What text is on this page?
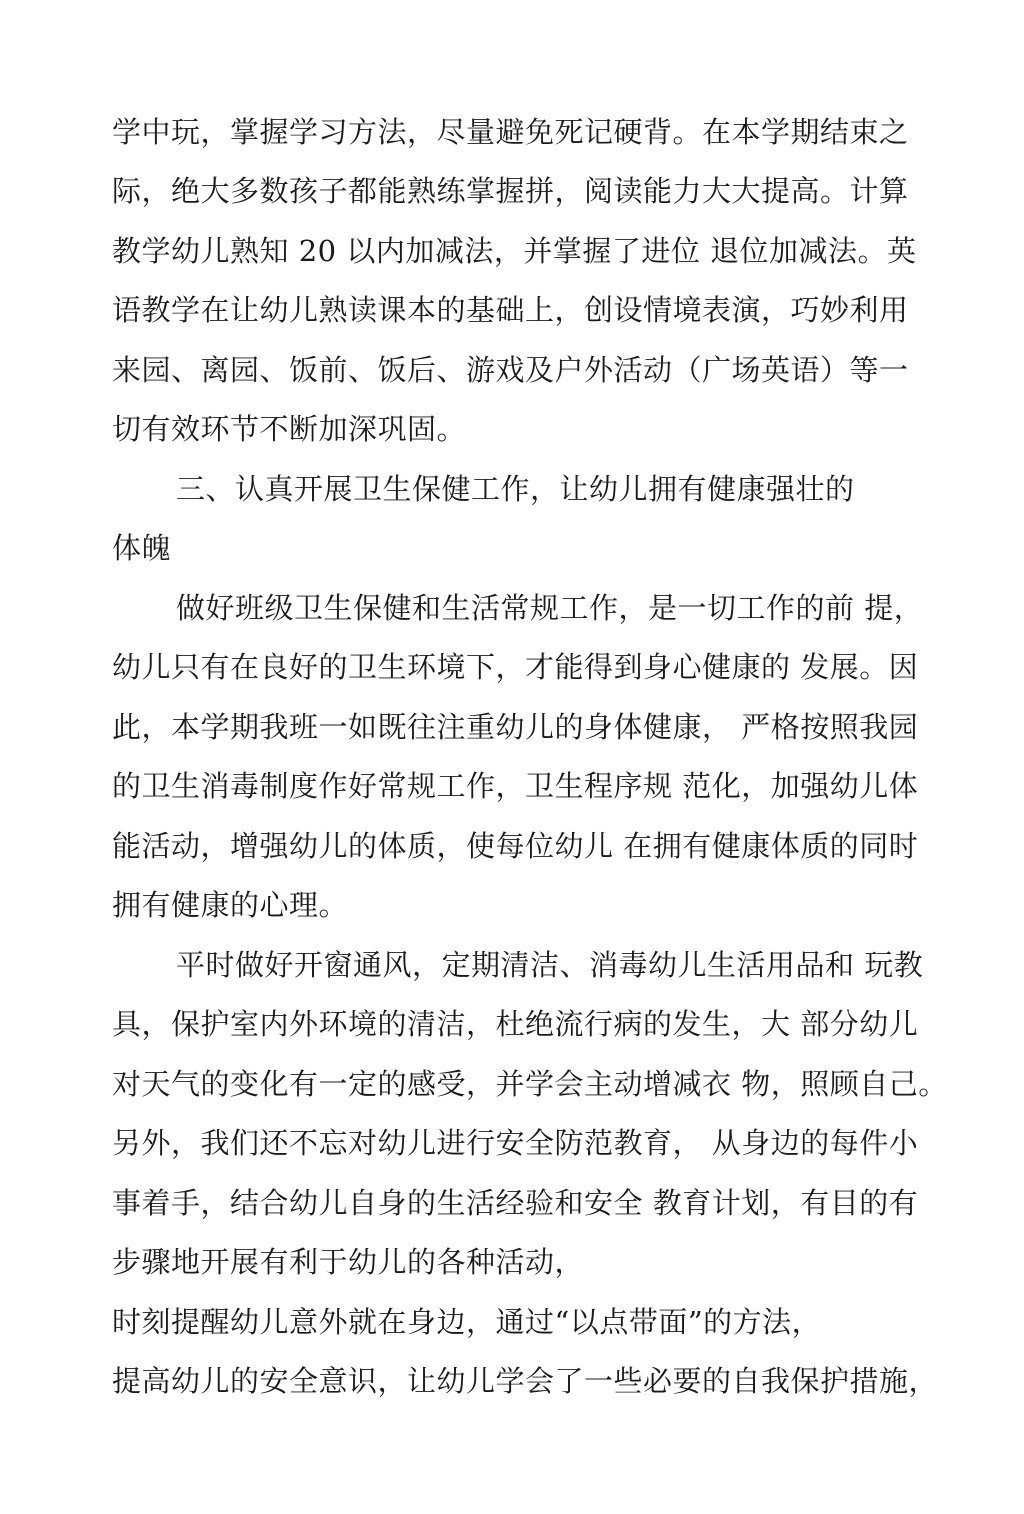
学中玩，掌握学习方法，尽量避免死记硬背。在本学期结束之
际，绝大多数孩子都能熟练掌握拼，阅读能力大大提高。计算
教学幼儿熟知 20 以内加减法，并掌握了进位 退位加减法。英
语教学在让幼儿熟读课本的基础上，创设情境表演，巧妙利用
来园、离园、饭前、饭后、游戏及户外活动（广场英语）等一
切有效环节不断加深巩固。
三、认真开展卫生保健工作，让幼儿拥有健康强壮的
体魄
做好班级卫生保健和生活常规工作，是一切工作的前 提，
幼儿只有在良好的卫生环境下，才能得到身心健康的 发展。因
此，本学期我班一如既往注重幼儿的身体健康， 严格按照我园
的卫生消毒制度作好常规工作，卫生程序规 范化，加强幼儿体
能活动，增强幼儿的体质，使每位幼儿 在拥有健康体质的同时
拥有健康的心理。
平时做好开窗通风，定期清洁、消毒幼儿生活用品和 玩教
具，保护室内外环境的清洁，杜绝流行病的发生，大 部分幼儿
对天气的变化有一定的感受，并学会主动增减衣 物，照顾自己。
另外，我们还不忘对幼儿进行安全防范教育， 从身边的每件小
事着手，结合幼儿自身的生活经验和安全 教育计划，有目的有
步骤地开展有利于幼儿的各种活动，
时刻提醒幼儿意外就在身边，通过“以点带面”的方法，
提高幼儿的安全意识，让幼儿学会了一些必要的自我保护措施，
